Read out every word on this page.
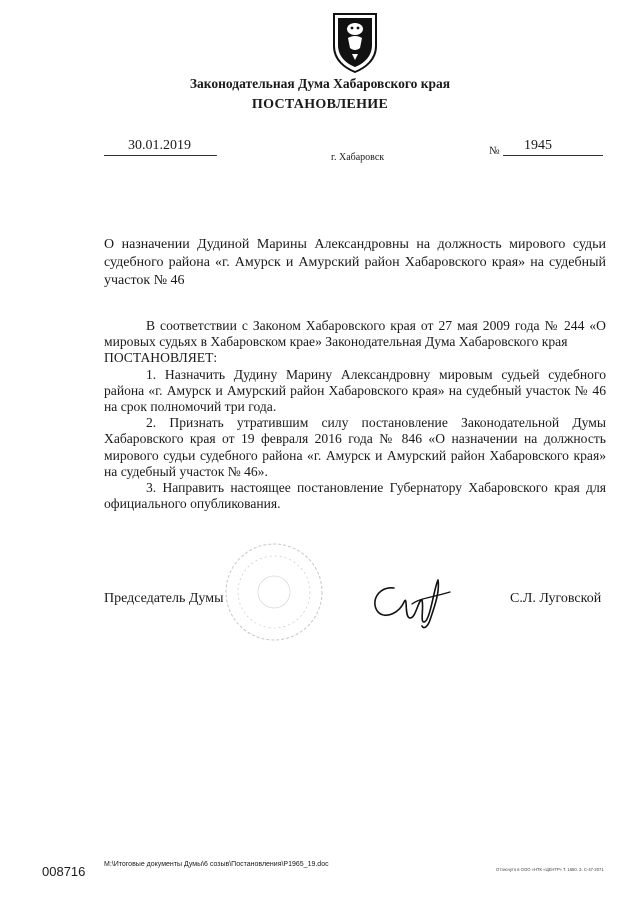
Законодательная Дума Хабаровского края
ПОСТАНОВЛЕНИЕ
30.01.2019
г. Хабаровск
№ 1945
О назначении Дудиной Марины Александровны на должность мирового судьи судебного района «г. Амурск и Амурский район Хабаровского края» на судебный участок № 46

В соответствии с Законом Хабаровского края от 27 мая 2009 года № 244 «О мировых судьях в Хабаровском крае» Законодательная Дума Хабаровского края

ПОСТАНОВЛЯЕТ:

1. Назначить Дудину Марину Александровну мировым судьей судебного района «г. Амурск и Амурский район Хабаровского края» на судебный участок № 46 на срок полномочий три года.

2. Признать утратившим силу постановление Законодательной Думы Хабаровского края от 19 февраля 2016 года № 846 «О назначении на должность мирового судьи судебного района «г. Амурск и Амурский район Хабаровского края» на судебный участок № 46».

3. Направить настоящее постановление Губернатору Хабаровского края для официального опубликования.

Председатель Думы	С.Л. Луговской
008716	M:\Итоговые документы Думы\6 созыв\Постановления\P1965_19.doc
Оттиснуто в ООО «НТК «ЦЕНТР» Т. 1650. З. С-47-2071
